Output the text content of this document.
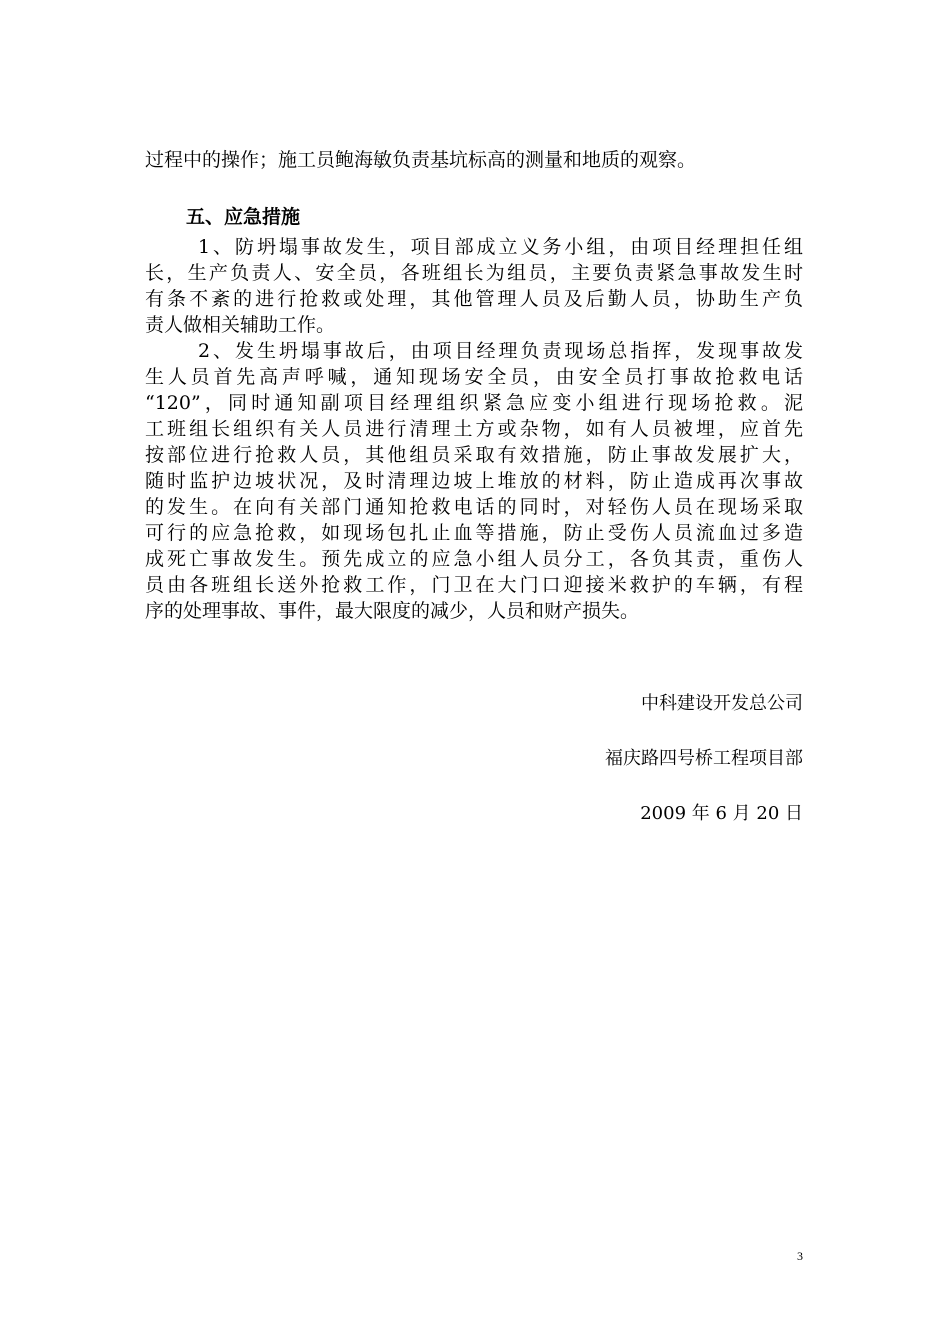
过程中的操作；施工员鲍海敏负责基坑标高的测量和地质的观察。
五、应急措施
1、防坍塌事故发生，项目部成立义务小组，由项目经理担任组
长，生产负责人、安全员，各班组长为组员，主要负责紧急事故发生时
有条不紊的进行抢救或处理，其他管理人员及后勤人员，协助生产负
责人做相关辅助工作。
2、发生坍塌事故后，由项目经理负责现场总指挥，发现事故发
生人员首先高声呼喊，通知现场安全员，由安全员打事故抢救电话
“120”，同时通知副项目经理组织紧急应变小组进行现场抢救。泥
工班组长组织有关人员进行清理土方或杂物，如有人员被埋，应首先
按部位进行抢救人员，其他组员采取有效措施，防止事故发展扩大，
随时监护边坡状况，及时清理边坡上堆放的材料，防止造成再次事故
的发生。在向有关部门通知抢救电话的同时，对轻伤人员在现场采取
可行的应急抢救，如现场包扎止血等措施，防止受伤人员流血过多造
成死亡事故发生。预先成立的应急小组人员分工，各负其责，重伤人
员由各班组长送外抢救工作，门卫在大门口迎接米救护的车辆，有程
序的处理事故、事件，最大限度的减少，人员和财产损失。
中科建设开发总公司
福庆路四号桥工程项目部
2009 年 6 月 20 日
3
